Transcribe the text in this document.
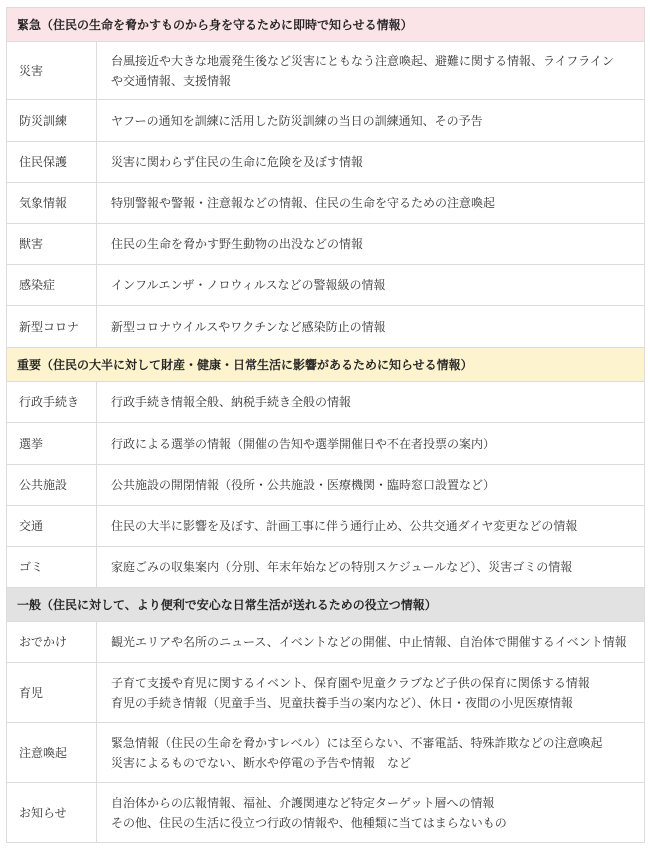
緊急（住民の生命を脅かすものから身を守るために即時で知らせる情報）	
災害	台風接近や大きな地震発生後など災害にともなう注意喚起、避難に関する情報、ライフライン
や交通情報、支援情報

防災訓練	ヤフーの通知を訓練に活用した防災訓練の当日の訓練通知、その予告

住民保護	災害に関わらず住民の生命に危険を及ぼす情報

気象情報	特別警報や警報・注意報などの情報、住民の生命を守るための注意喚起

獣害	住民の生命を脅かす野生動物の出没などの情報

感染症	インフルエンザ・ノロウィルスなどの警報級の情報

新型コロナ	新型コロナウイルスやワクチンなど感染防止の情報

重要（住民の大半に対して財産・健康・日常生活に影響があるために知らせる情報）	
行政手続き	行政手続き情報全般、納税手続き全般の情報

選挙	行政による選挙の情報（開催の告知や選挙開催日や不在者投票の案内）

公共施設	公共施設の開閉情報（役所・公共施設・医療機関・臨時窓口設置など）

交通	住民の大半に影響を及ぼす、計画工事に伴う通行止め、公共交通ダイヤ変更などの情報

ゴミ	家庭ごみの収集案内（分別、年末年始などの特別スケジュールなど）、災害ゴミの情報

一般（住民に対して、より便利で安心な日常生活が送れるための役立つ情報）	
おでかけ	観光エリアや名所のニュース、イベントなどの開催、中止情報、自治体で開催するイベント情報

育児	子育て支援や育児に関するイベント、保育園や児童クラブなど子供の保育に関係する情報
育児の手続き情報（児童手当、児童扶養手当の案内など）、休日・夜間の小児医療情報

注意喚起	緊急情報（住民の生命を脅かすレベル）には至らない、不審電話、特殊詐欺などの注意喚起
災害によるものでない、断水や停電の予告や情報　など

お知らせ	自治体からの広報情報、福祉、介護関連など特定ターゲット層への情報
その他、住民の生活に役立つ行政の情報や、他種類に当てはまらないもの
